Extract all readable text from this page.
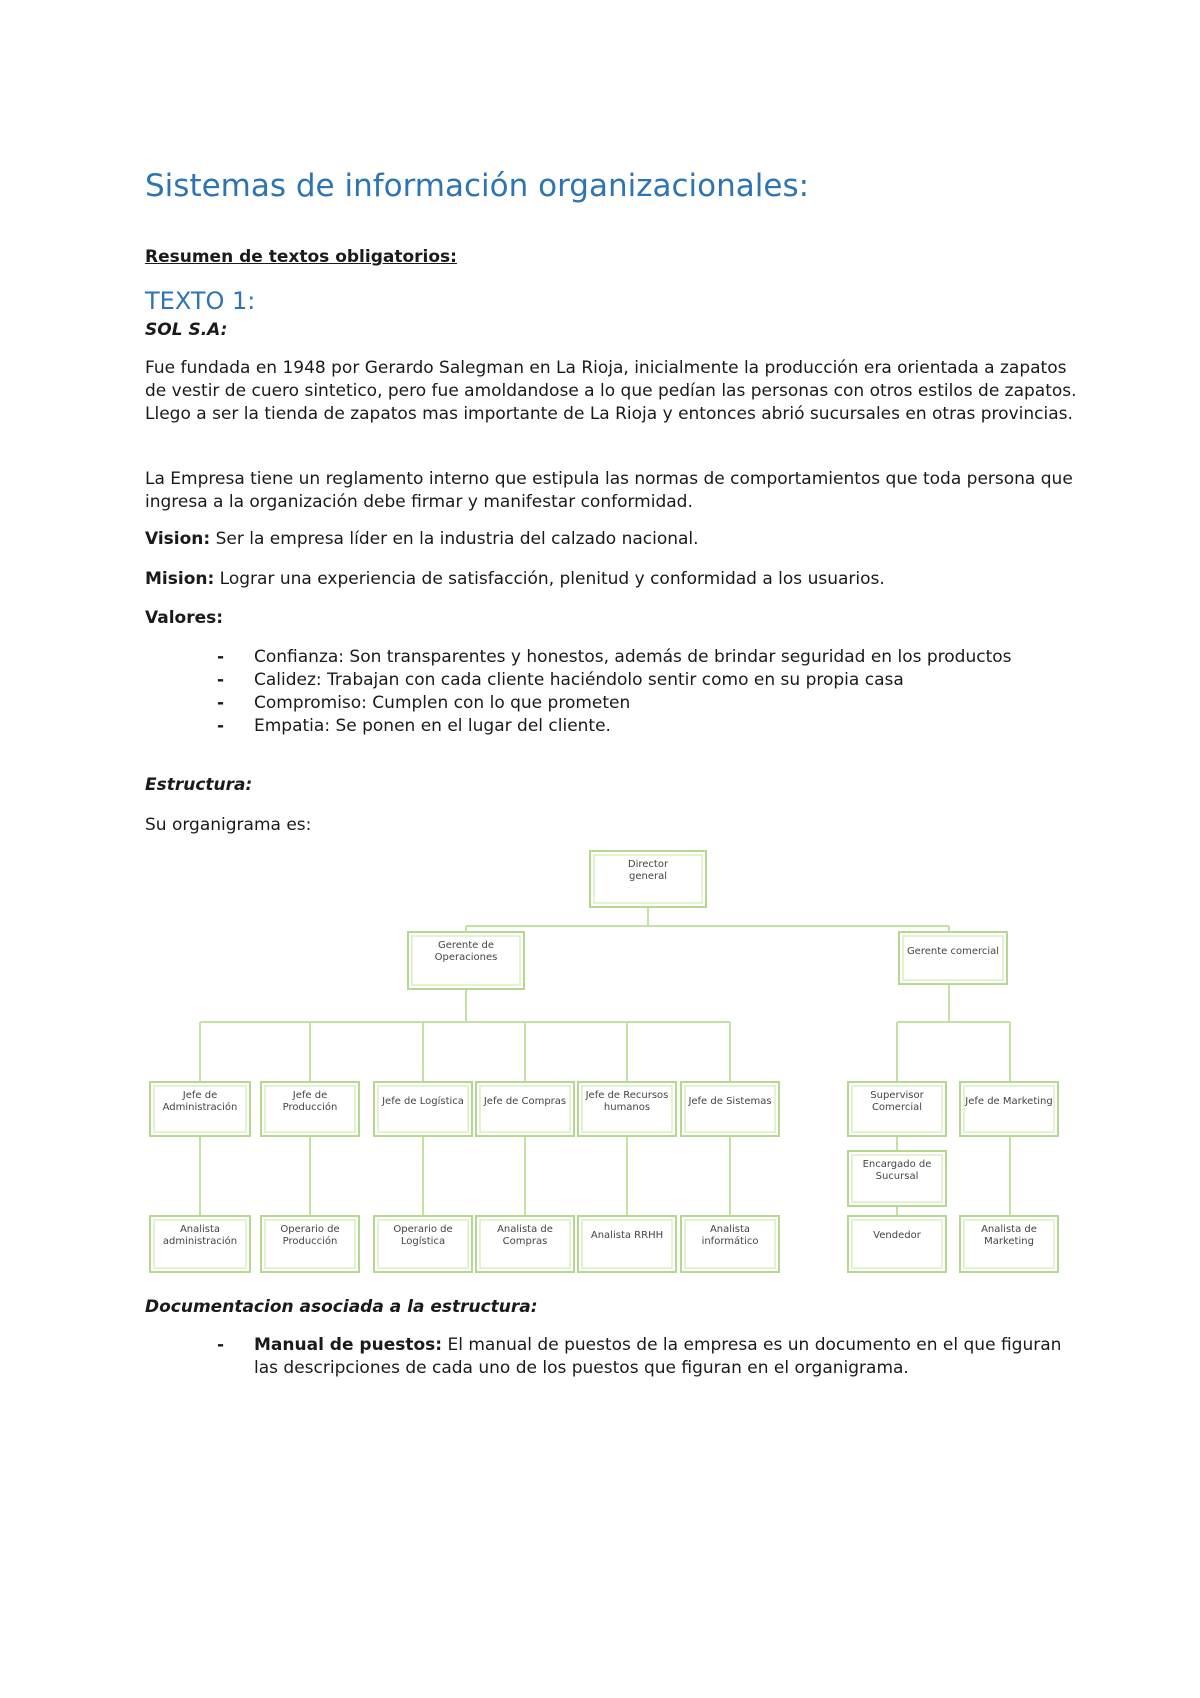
Sistemas de información organizacionales:

Resumen de textos obligatorios:

TEXTO 1:

SOL S.A:

Fue fundada en 1948 por Gerardo Salegman en La Rioja, inicialmente la producción era orientada a zapatos de vestir de cuero sintetico, pero fue amoldandose a lo que pedían las personas con otros estilos de zapatos. Llego a ser la tienda de zapatos mas importante de La Rioja y entonces abrió sucursales en otras provincias.

La Empresa tiene un reglamento interno que estipula las normas de comportamientos que toda persona que ingresa a la organización debe firmar y manifestar conformidad.

Vision: Ser la empresa líder en la industria del calzado nacional.

Mision: Lograr una experiencia de satisfacción, plenitud y conformidad a los usuarios.

Valores:

- Confianza: Son transparentes y honestos, además de brindar seguridad en los productos
- Calidez: Trabajan con cada cliente haciéndolo sentir como en su propia casa
- Compromiso: Cumplen con lo que prometen
- Empatia: Se ponen en el lugar del cliente.

Estructura:

Su organigrama es:

Director
general
Gerente de
Operaciones
Gerente comercial
Jefe de
Administración
Jefe de
Producción
Jefe de Logística Jefe de Compras
Jefe de Recursos
humanos
Jefe de Sistemas
Supervisor
Comercial
Jefe de Marketing
Encargado de
Sucursal
Analista
administración
Operario de
Producción
Operario de
Logística
Analista de
Compras
Analista RRHH
Analista
informático
Vendedor
Analista de
Marketing

Documentacion asociada a la estructura:

- Manual de puestos: El manual de puestos de la empresa es un documento en el que figuran las descripciones de cada uno de los puestos que figuran en el organigrama.
